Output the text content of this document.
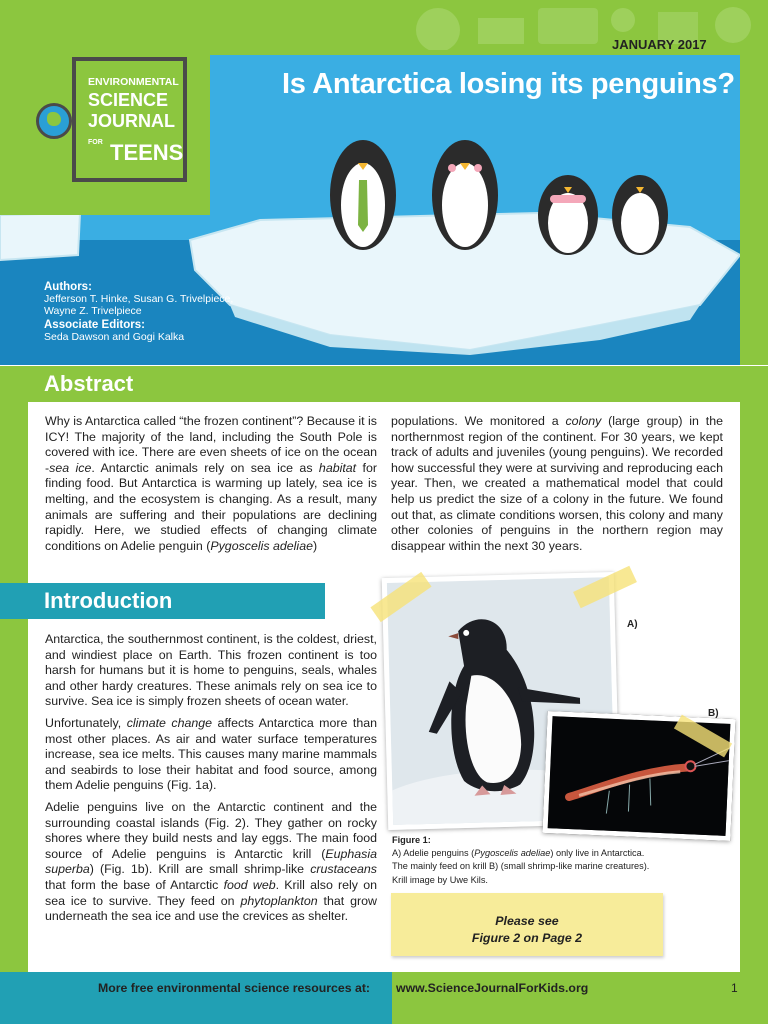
ENVIRONMENTAL
SCIENCE
JOURNAL
FOR TEENS
JANUARY 2017
Is Antarctica losing its penguins?
Authors:
Jefferson T. Hinke, Susan G. Trivelpiece,
Wayne Z. Trivelpiece
Associate Editors:
Seda Dawson and Gogi Kalka
Abstract

Why is Antarctica called “the frozen continent”? Because it is ICY! The majority of the land, including the South Pole is covered with ice. There are even sheets of ice on the ocean -sea ice. Antarctic animals rely on sea ice as habitat for finding food. But Antarctica is warming up lately, sea ice is melting, and the ecosystem is changing. As a result, many animals are suffering and their populations are declining rapidly. Here, we studied effects of changing climate conditions on Adelie penguin (Pygoscelis adeliae)

populations. We monitored a colony (large group) in the northernmost region of the continent. For 30 years, we kept track of adults and juveniles (young penguins). We recorded how successful they were at surviving and reproducing each year. Then, we created a mathematical model that could help us predict the size of a colony in the future. We found out that, as climate conditions worsen, this colony and many other colonies of penguins in the northern region may disappear within the next 30 years.

Introduction

Antarctica, the southernmost continent, is the coldest, driest, and windiest place on Earth. This frozen continent is too harsh for humans but it is home to penguins, seals, whales and other hardy creatures. These animals rely on sea ice to survive. Sea ice is simply frozen sheets of ocean water.

Unfortunately, climate change affects Antarctica more than most other places. As air and water surface temperatures increase, sea ice melts. This causes many marine mammals and seabirds to lose their habitat and food source, among them Adelie penguins (Fig. 1a).

Adelie penguins live on the Antarctic continent and the surrounding coastal islands (Fig. 2). They gather on rocky shores where they build nests and lay eggs. The main food source of Adelie penguins is Antarctic krill (Euphasia superba) (Fig. 1b). Krill are small shrimp-like crustaceans that form the base of Antarctic food web. Krill also rely on sea ice to survive. They feed on phytoplankton that grow underneath the sea ice and use the crevices as shelter.

A)
B)
Figure 1:
A) Adelie penguins (Pygoscelis adeliae) only live in Antarctica.
The mainly feed on krill B) (small shrimp-like marine creatures).
Krill image by Uwe Kils.
Please see
Figure 2 on Page 2
More free environmental science resources at: www.ScienceJournalForKids.org	1
